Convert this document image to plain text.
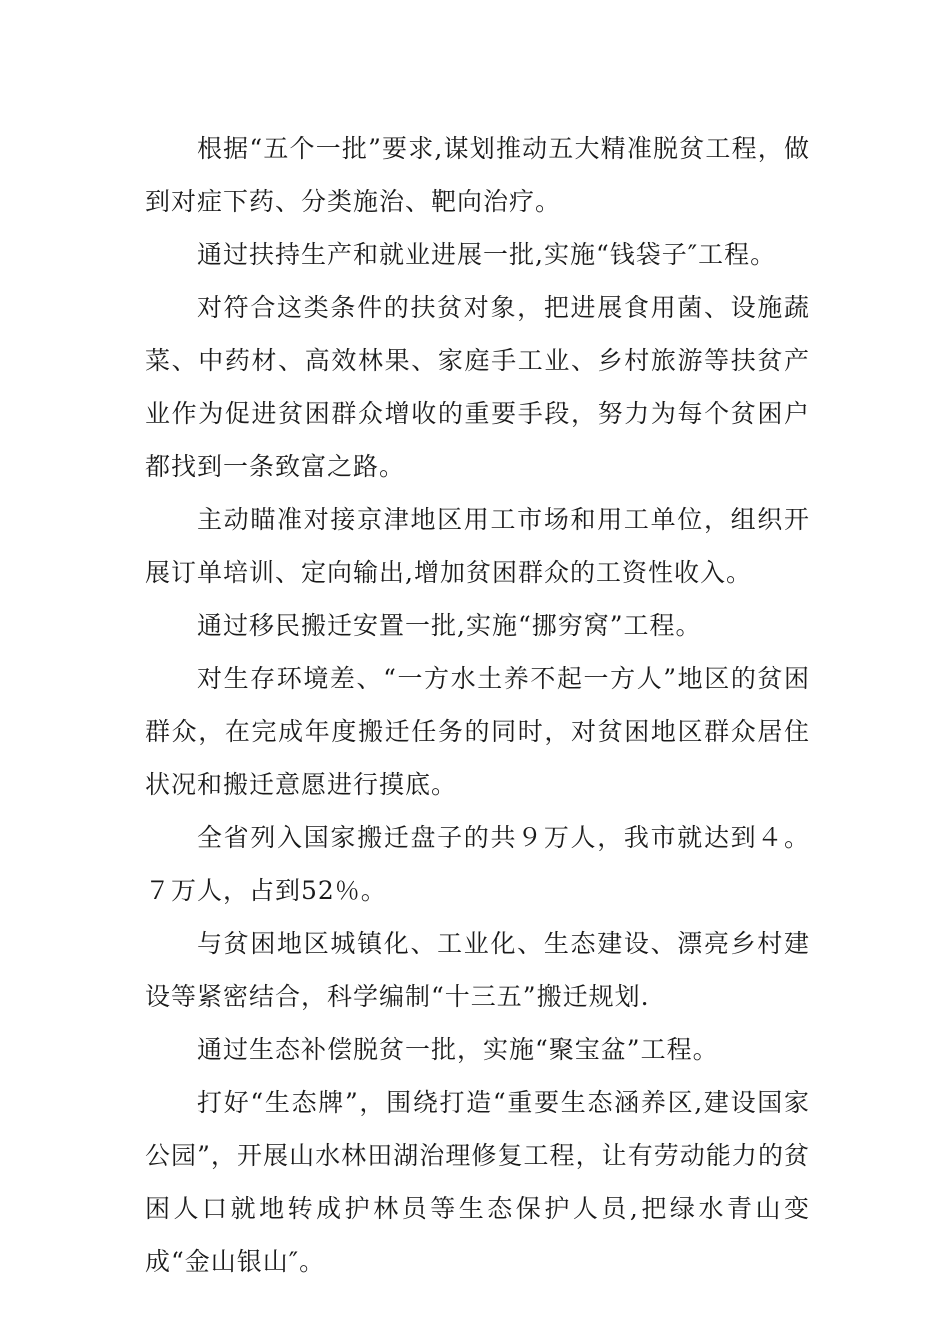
根据“五个一批”要求,谋划推动五大精准脱贫工程，做到对症下药、分类施治、靶向治疗。

通过扶持生产和就业进展一批,实施“钱袋子″工程。

对符合这类条件的扶贫对象，把进展食用菌、设施蔬菜、中药材、高效林果、家庭手工业、乡村旅游等扶贫产业作为促进贫困群众增收的重要手段，努力为每个贫困户都找到一条致富之路。

主动瞄准对接京津地区用工市场和用工单位，组织开展订单培训、定向输出,增加贫困群众的工资性收入。

通过移民搬迁安置一批,实施“挪穷窝”工程。

对生存环境差、“一方水土养不起一方人”地区的贫困群众，在完成年度搬迁任务的同时，对贫困地区群众居住状况和搬迁意愿进行摸底。

全省列入国家搬迁盘子的共９万人，我市就达到４。７万人，占到52％。

与贫困地区城镇化、工业化、生态建设、漂亮乡村建设等紧密结合，科学编制“十三五”搬迁规划.

通过生态补偿脱贫一批，实施“聚宝盆”工程。

打好“生态牌”，围绕打造“重要生态涵养区,建设国家公园”，开展山水林田湖治理修复工程，让有劳动能力的贫困人口就地转成护林员等生态保护人员,把绿水青山变成“金山银山″。
